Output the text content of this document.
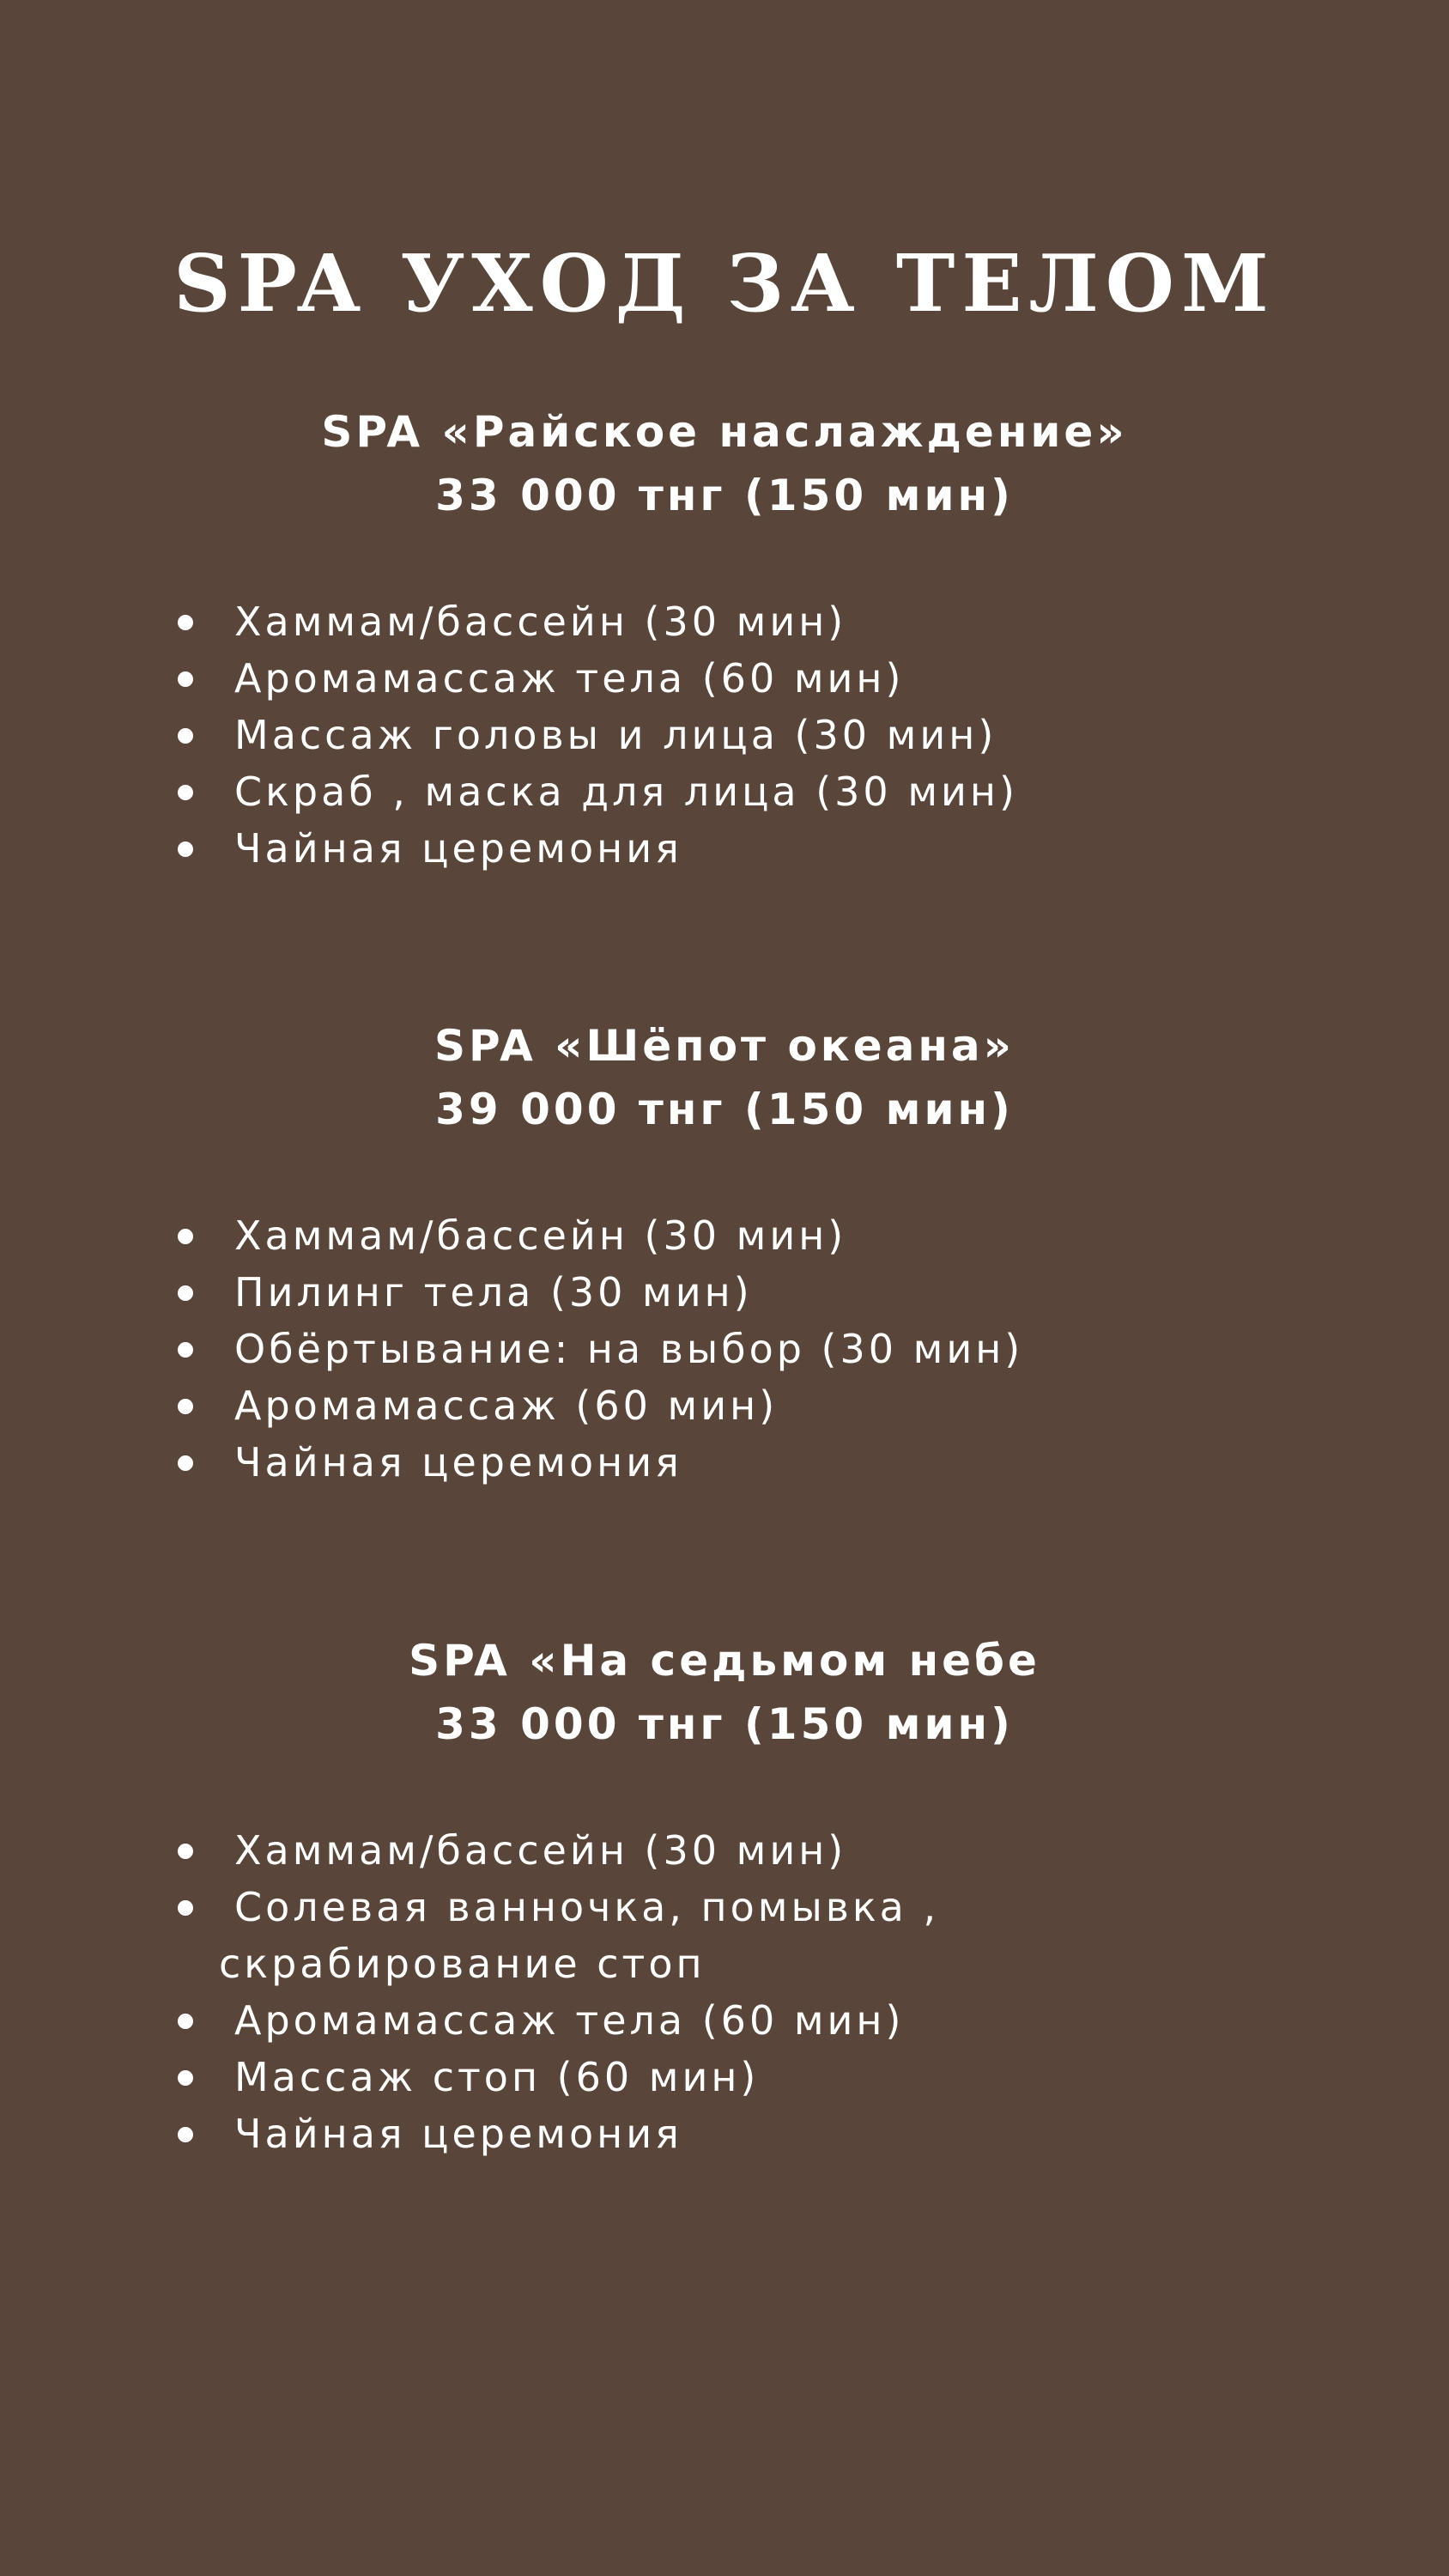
SPA УХОД ЗА ТЕЛОМ
SPA «Райское наслаждение»
33 000 тнг (150 мин)
Хаммам/бассейн (30 мин)
Аромамассаж тела (60 мин)
Массаж головы и лица (30 мин)
Скраб , маска для лица (30 мин)
Чайная церемония
SPA «Шёпот океана»
39 000 тнг (150 мин)
Хаммам/бассейн (30 мин)
Пилинг тела (30 мин)
Обёртывание: на выбор (30 мин)
Аромамассаж (60 мин)
Чайная церемония
SPA «На седьмом небе
33 000 тнг (150 мин)
Хаммам/бассейн (30 мин)
Солевая ванночка, помывка ,
скрабирование стоп
Аромамассаж тела (60 мин)
Массаж стоп (60 мин)
Чайная церемония
